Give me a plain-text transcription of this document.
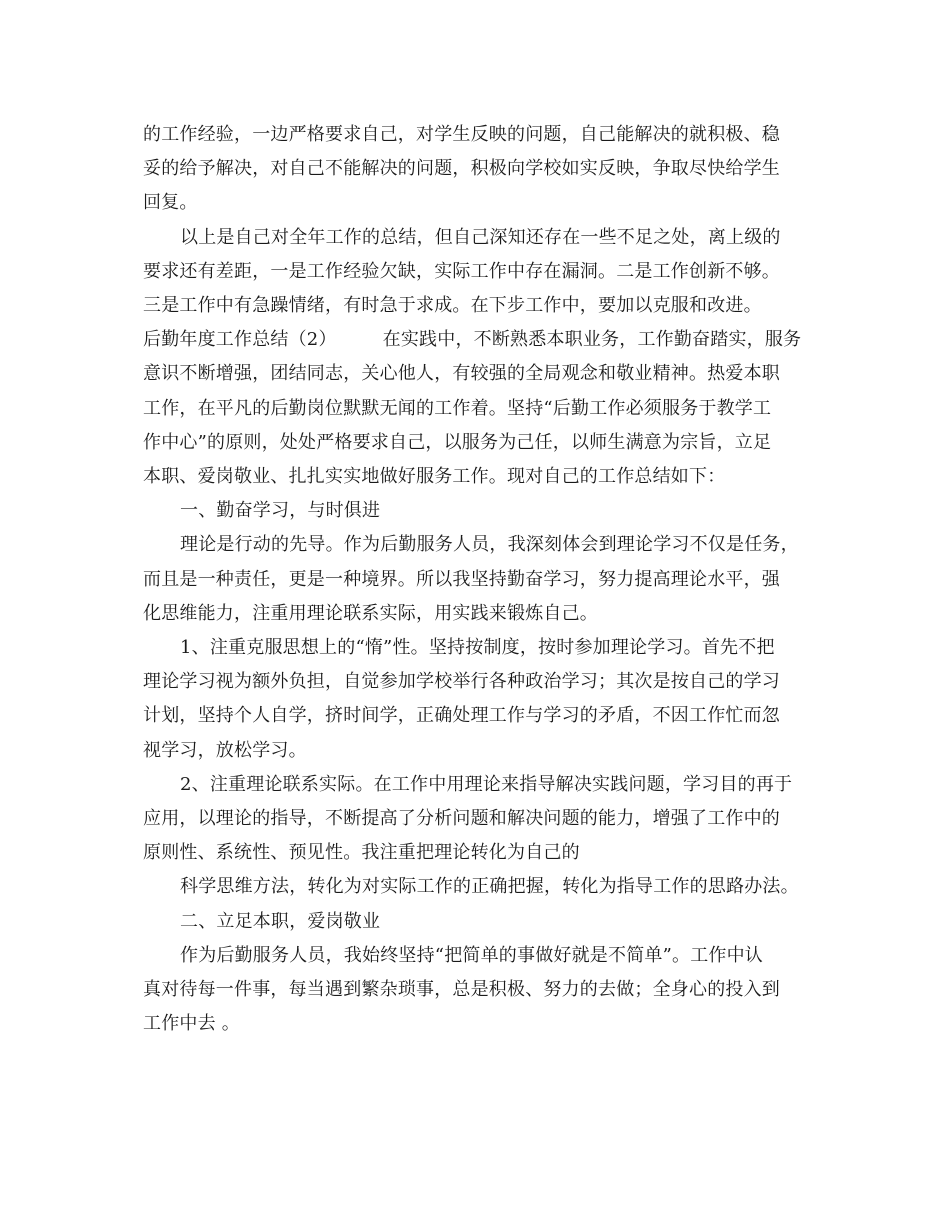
的工作经验，一边严格要求自己，对学生反映的问题，自己能解决的就积极、稳
妥的给予解决，对自己不能解决的问题，积极向学校如实反映，争取尽快给学生
回复。
以上是自己对全年工作的总结，但自己深知还存在一些不足之处，离上级的
要求还有差距，一是工作经验欠缺，实际工作中存在漏洞。二是工作创新不够。
三是工作中有急躁情绪，有时急于求成。在下步工作中，要加以克服和改进。
后勤年度工作总结（2）	在实践中，不断熟悉本职业务，工作勤奋踏实，服务
意识不断增强，团结同志，关心他人，有较强的全局观念和敬业精神。热爱本职
工作，在平凡的后勤岗位默默无闻的工作着。坚持“后勤工作必须服务于教学工
作中心”的原则，处处严格要求自己，以服务为己任，以师生满意为宗旨，立足
本职、爱岗敬业、扎扎实实地做好服务工作。现对自己的工作总结如下：
一、勤奋学习，与时俱进
理论是行动的先导。作为后勤服务人员，我深刻体会到理论学习不仅是任务，
而且是一种责任，更是一种境界。所以我坚持勤奋学习，努力提高理论水平，强
化思维能力，注重用理论联系实际，用实践来锻炼自己。
1、注重克服思想上的“惰”性。坚持按制度，按时参加理论学习。首先不把
理论学习视为额外负担，自觉参加学校举行各种政治学习；其次是按自己的学习
计划，坚持个人自学，挤时间学，正确处理工作与学习的矛盾，不因工作忙而忽
视学习，放松学习。
2、注重理论联系实际。在工作中用理论来指导解决实践问题，学习目的再于
应用，以理论的指导，不断提高了分析问题和解决问题的能力，增强了工作中的
原则性、系统性、预见性。我注重把理论转化为自己的
科学思维方法，转化为对实际工作的正确把握，转化为指导工作的思路办法。
二、立足本职，爱岗敬业
作为后勤服务人员，我始终坚持“把简单的事做好就是不简单”。工作中认
真对待每一件事，每当遇到繁杂琐事，总是积极、努力的去做；全身心的投入到
工作中去 。
